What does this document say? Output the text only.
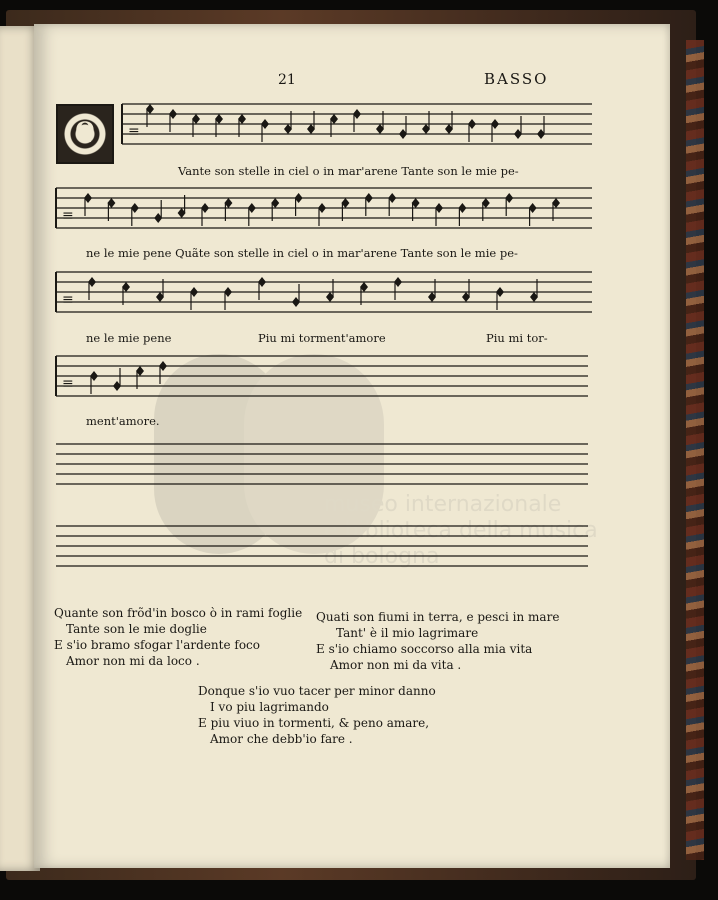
museo internazionale
e biblioteca della musica
di bologna
21	BASSO
Q	≡
≡
≡
≡
Vante son stelle in ciel o in mar'arene Tante son le mie pe-
ne le mie pene Quãte son stelle in ciel o in mar'arene Tante son le mie pe-
ne le mie pene	Piu mi torment'amore	Piu mi tor-
ment'amore.
Quante son frõd'in bosco ò in rami foglie
Tante son le mie doglie
E s'io bramo sfogar l'ardente foco
Amor non mi da loco .
Quati son fiumi in terra, e pesci in mare
Tant' è il mio lagrimare
E s'io chiamo soccorso alla mia vita
Amor non mi da vita .
Donque s'io vuo tacer per minor danno
I vo piu lagrimando
E piu viuo in tormenti, & peno amare,
Amor che debb'io fare .
